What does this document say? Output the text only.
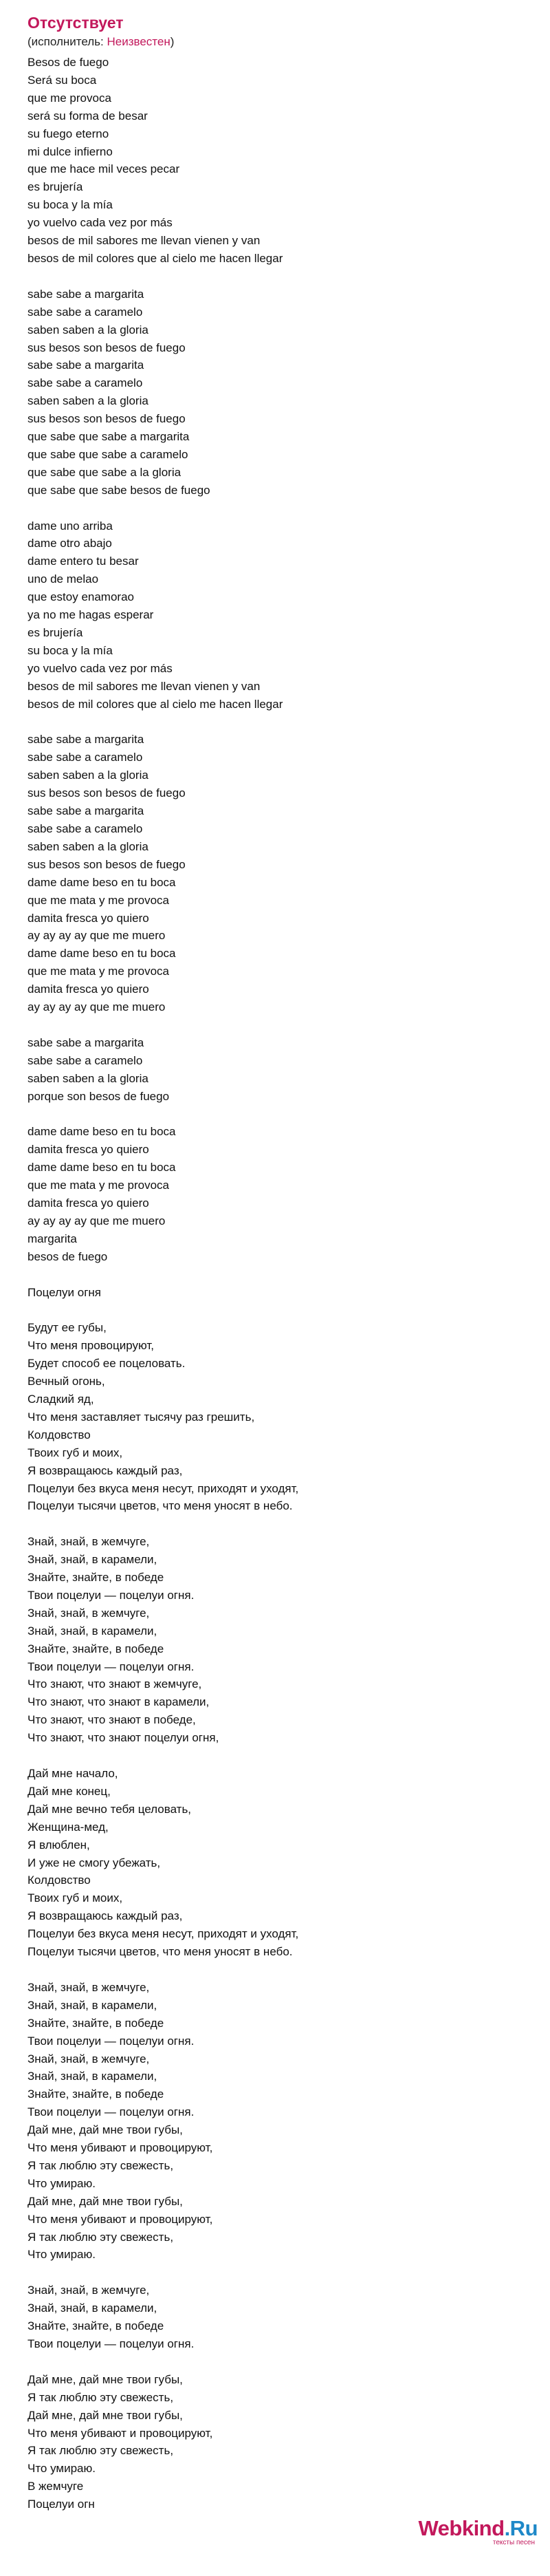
Отсутствует
(исполнитель: Неизвестен)
Besos de fuego
Será su boca
que me provoca
será su forma de besar
su fuego eterno
mi dulce infierno
que me hace mil veces pecar
es brujería
su boca y la mía
yo vuelvo cada vez por más
besos de mil sabores me llevan vienen y van
besos de mil colores que al cielo me hacen llegar

sabe sabe a margarita
sabe sabe a caramelo
saben saben a la gloria
sus besos son besos de fuego
sabe sabe a margarita
sabe sabe a caramelo
saben saben a la gloria
sus besos son besos de fuego
que sabe que sabe a margarita
que sabe que sabe a caramelo
que sabe que sabe a la gloria
que sabe que sabe besos de fuego

dame uno arriba
dame otro abajo
dame entero tu besar
uno de melao
que estoy enamorao
ya no me hagas esperar
es brujería
su boca y la mía
yo vuelvo cada vez por más
besos de mil sabores me llevan vienen y van
besos de mil colores que al cielo me hacen llegar

sabe sabe a margarita
sabe sabe a caramelo
saben saben a la gloria
sus besos son besos de fuego
sabe sabe a margarita
sabe sabe a caramelo
saben saben a la gloria
sus besos son besos de fuego
dame dame beso en tu boca
que me mata y me provoca
damita fresca yo quiero
ay ay ay ay que me muero
dame dame beso en tu boca
que me mata y me provoca
damita fresca yo quiero
ay ay ay ay que me muero

sabe sabe a margarita
sabe sabe a caramelo
saben saben a la gloria
porque son besos de fuego

dame dame beso en tu boca
damita fresca yo quiero
dame dame beso en tu boca
que me mata y me provoca
damita fresca yo quiero
ay ay ay ay que me muero
margarita
besos de fuego

Поцелуи огня

Будут ее губы,
Что меня провоцируют,
Будет способ ее поцеловать.
Вечный огонь,
Сладкий яд,
Что меня заставляет тысячу раз грешить,
Колдовство
Твоих губ и моих,
Я возвращаюсь каждый раз,
Поцелуи без вкуса меня несут, приходят и уходят,
Поцелуи тысячи цветов, что меня уносят в небо.

Знай, знай, в жемчуге,
Знай, знай, в карамели,
Знайте, знайте, в победе
Твои поцелуи — поцелуи огня.
Знай, знай, в жемчуге,
Знай, знай, в карамели,
Знайте, знайте, в победе
Твои поцелуи — поцелуи огня.
Что знают, что знают в жемчуге,
Что знают, что знают в карамели,
Что знают, что знают в победе,
Что знают, что знают поцелуи огня,

Дай мне начало,
Дай мне конец,
Дай мне вечно тебя целовать,
Женщина-мед,
Я влюблен,
И уже не смогу убежать,
Колдовство
Твоих губ и моих,
Я возвращаюсь каждый раз,
Поцелуи без вкуса меня несут, приходят и уходят,
Поцелуи тысячи цветов, что меня уносят в небо.

Знай, знай, в жемчуге,
Знай, знай, в карамели,
Знайте, знайте, в победе
Твои поцелуи — поцелуи огня.
Знай, знай, в жемчуге,
Знай, знай, в карамели,
Знайте, знайте, в победе
Твои поцелуи — поцелуи огня.
Дай мне, дай мне твои губы,
Что меня убивают и провоцируют,
Я так люблю эту свежесть,
Что умираю.
Дай мне, дай мне твои губы,
Что меня убивают и провоцируют,
Я так люблю эту свежесть,
Что умираю.

Знай, знай, в жемчуге,
Знай, знай, в карамели,
Знайте, знайте, в победе
Твои поцелуи — поцелуи огня.

Дай мне, дай мне твои губы,
Я так люблю эту свежесть,
Дай мне, дай мне твои губы,
Что меня убивают и провоцируют,
Я так люблю эту свежесть,
Что умираю.
В жемчуге
Поцелуи огн
Webkind.Ru
тексты песен
